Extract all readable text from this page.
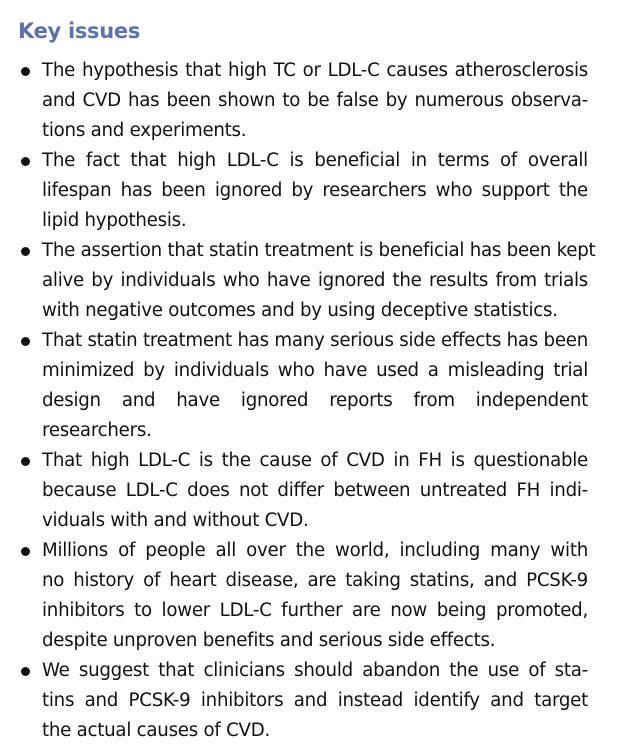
Key issues
The hypothesis that high TC or LDL-C causes atherosclerosis
and CVD has been shown to be false by numerous observa-
tions and experiments.
The fact that high LDL-C is beneficial in terms of overall
lifespan has been ignored by researchers who support the
lipid hypothesis.
The assertion that statin treatment is beneficial has been kept
alive by individuals who have ignored the results from trials
with negative outcomes and by using deceptive statistics.
That statin treatment has many serious side effects has been
minimized by individuals who have used a misleading trial
design and have ignored reports from independent
researchers.
That high LDL-C is the cause of CVD in FH is questionable
because LDL-C does not differ between untreated FH indi-
viduals with and without CVD.
Millions of people all over the world, including many with
no history of heart disease, are taking statins, and PCSK-9
inhibitors to lower LDL-C further are now being promoted,
despite unproven benefits and serious side effects.
We suggest that clinicians should abandon the use of sta-
tins and PCSK-9 inhibitors and instead identify and target
the actual causes of CVD.
